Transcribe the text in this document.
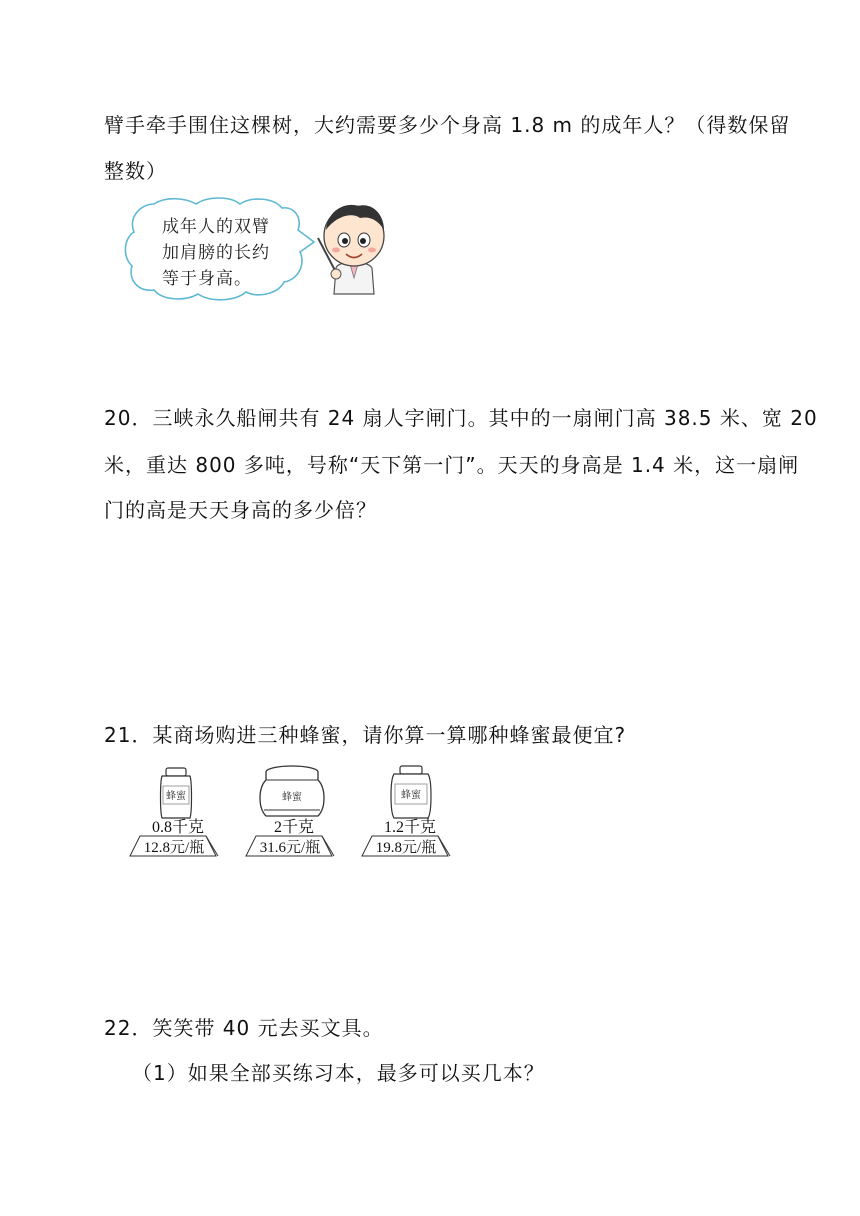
臂手牵手围住这棵树，大约需要多少个身高 1.8 m 的成年人？（得数保留
整数）
成年人的双臂
加肩膀的长约
等于身高。
20．三峡永久船闸共有 24 扇人字闸门。其中的一扇闸门高 38.5 米、宽 20
米，重达 800 多吨，号称“天下第一门”。天天的身高是 1.4 米，这一扇闸
门的高是天天身高的多少倍？
21．某商场购进三种蜂蜜，请你算一算哪种蜂蜜最便宜?
蜂蜜
0.8千克
12.8元/瓶
蜂蜜
2千克
31.6元/瓶
蜂蜜
1.2千克
19.8元/瓶
22．笑笑带 40 元去买文具。
（1）如果全部买练习本，最多可以买几本？
